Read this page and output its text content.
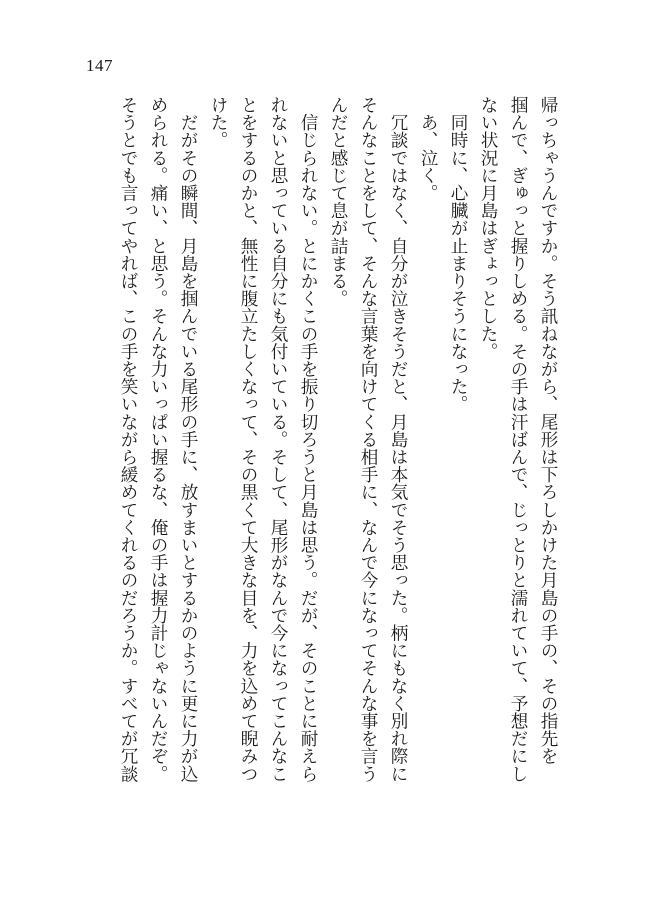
147
帰っちゃうんですか。そう訊ねながら、尾形は下ろしかけた月島の手の、その指先を
掴んで、ぎゅっと握りしめる。その手は汗ばんで、じっとりと濡れていて、予想だにし
ない状況に月島はぎょっとした。
　同時に、心臓が止まりそうになった。
　あ、泣く。
　冗談ではなく、自分が泣きそうだと、月島は本気でそう思った。柄にもなく別れ際に
そんなことをして、そんな言葉を向けてくる相手に、なんで今になってそんな事を言う
んだと感じて息が詰まる。
　信じられない。とにかくこの手を振り切ろうと月島は思う。だが、そのことに耐えら
れないと思っている自分にも気付いている。そして、尾形がなんで今になってこんなこ
とをするのかと、無性に腹立たしくなって、その黒くて大きな目を、力を込めて睨みつ
けた。
　だがその瞬間、月島を掴んでいる尾形の手に、放すまいとするかのように更に力が込
められる。痛い、と思う。そんな力いっぱい握るな、俺の手は握力計じゃないんだぞ。
そうとでも言ってやれば、この手を笑いながら緩めてくれるのだろうか。すべてが冗談
